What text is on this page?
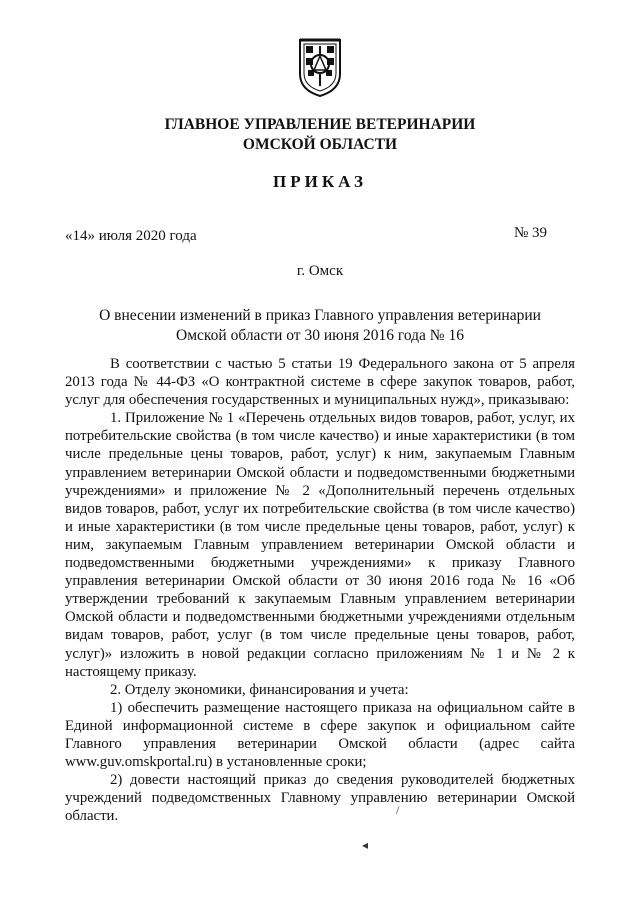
ГЛАВНОЕ УПРАВЛЕНИЕ ВЕТЕРИНАРИИ
ОМСКОЙ ОБЛАСТИ
ПРИКАЗ
«14» июля 2020 года	№ 39
г. Омск
О внесении изменений в приказ Главного управления ветеринарии
Омской области от 30 июня 2016 года № 16

В соответствии с частью 5 статьи 19 Федерального закона от 5 апреля 2013 года № 44-ФЗ «О контрактной системе в сфере закупок товаров, работ, услуг для обеспечения государственных и муниципальных нужд», приказываю:

1. Приложение № 1 «Перечень отдельных видов товаров, работ, услуг, их потребительские свойства (в том числе качество) и иные характеристики (в том числе предельные цены товаров, работ, услуг) к ним, закупаемым Главным управлением ветеринарии Омской области и подведомственными бюджетными учреждениями» и приложение № 2 «Дополнительный перечень отдельных видов товаров, работ, услуг их потребительские свойства (в том числе качество) и иные характеристики (в том числе предельные цены товаров, работ, услуг) к ним, закупаемым Главным управлением ветеринарии Омской области и подведомственными бюджетными учреждениями» к приказу Главного управления ветеринарии Омской области от 30 июня 2016 года № 16 «Об утверждении требований к закупаемым Главным управлением ветеринарии Омской области и подведомственными бюджетными учреждениями отдельным видам товаров, работ, услуг (в том числе предельные цены товаров, работ, услуг)» изложить в новой редакции согласно приложениям № 1 и № 2 к настоящему приказу.

2. Отделу экономики, финансирования и учета:

1) обеспечить размещение настоящего приказа на официальном сайте в Единой информационной системе в сфере закупок и официальном сайте Главного управления ветеринарии Омской области (адрес сайта www.guv.omskportal.ru) в установленные сроки;

2) довести настоящий приказ до сведения руководителей бюджетных учреждений подведомственных Главному управлению ветеринарии Омской области.	/
◂
